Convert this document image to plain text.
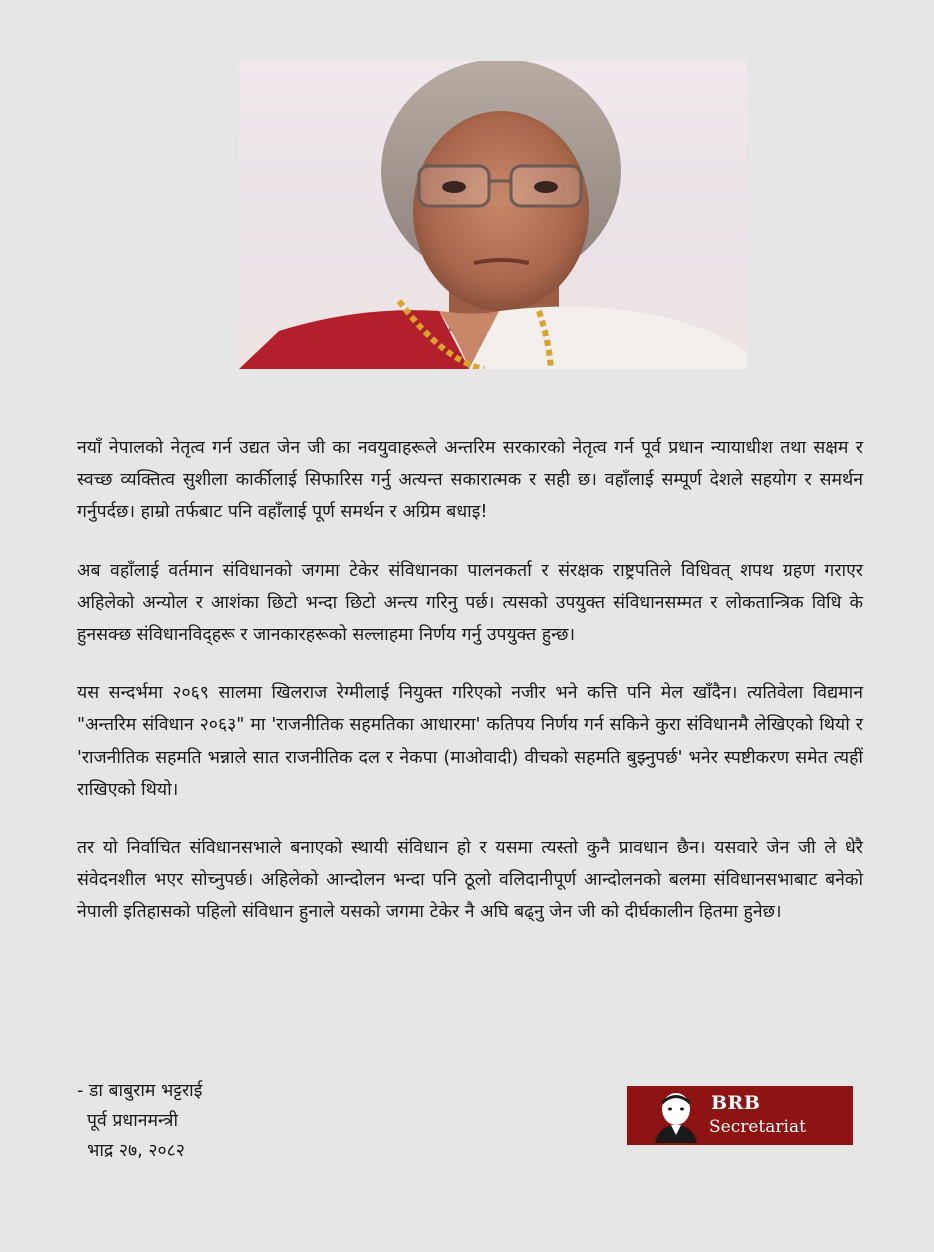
नयाँ नेपालको नेतृत्व गर्न उद्यत जेन जी का नवयुवाहरूले अन्तरिम सरकारको नेतृत्व गर्न पूर्व प्रधान न्यायाधीश तथा सक्षम र स्वच्छ व्यक्तित्व सुशीला कार्कीलाई सिफारिस गर्नु अत्यन्त सकारात्मक र सही छ। वहाँलाई सम्पूर्ण देशले सहयोग र समर्थन गर्नुपर्दछ। हाम्रो तर्फबाट पनि वहाँलाई पूर्ण समर्थन र अग्रिम बधाइ!

अब वहाँलाई वर्तमान संविधानको जगमा टेकेर संविधानका पालनकर्ता र संरक्षक राष्ट्रपतिले विधिवत् शपथ ग्रहण गराएर अहिलेको अन्योल र आशंका छिटो भन्दा छिटो अन्त्य गरिनु पर्छ। त्यसको उपयुक्त संविधानसम्मत र लोकतान्त्रिक विधि के हुनसक्छ संविधानविद्हरू र जानकारहरूको सल्लाहमा निर्णय गर्नु उपयुक्त हुन्छ।

यस सन्दर्भमा २०६९ सालमा खिलराज रेग्मीलाई नियुक्त गरिएको नजीर भने कत्ति पनि मेल खाँदैन। त्यतिवेला विद्यमान "अन्तरिम संविधान २०६३" मा 'राजनीतिक सहमतिका आधारमा' कतिपय निर्णय गर्न सकिने कुरा संविधानमै लेखिएको थियो र 'राजनीतिक सहमति भन्नाले सात राजनीतिक दल र नेकपा (माओवादी) वीचको सहमति बुझ्नुपर्छ' भनेर स्पष्टीकरण समेत त्यहीं राखिएको थियो।

तर यो निर्वाचित संविधानसभाले बनाएको स्थायी संविधान हो र यसमा त्यस्तो कुनै प्रावधान छैन। यसवारे जेन जी ले धेरै संवेदनशील भएर सोच्नुपर्छ। अहिलेको आन्दोलन भन्दा पनि ठूलो वलिदानीपूर्ण आन्दोलनको बलमा संविधानसभाबाट बनेको नेपाली इतिहासको पहिलो संविधान हुनाले यसको जगमा टेकेर नै अघि बढ्नु जेन जी को दीर्घकालीन हितमा हुनेछ।

- डा बाबुराम भट्टराई
पूर्व प्रधानमन्त्री
भाद्र २७, २०८२
BRB
Secretariat
